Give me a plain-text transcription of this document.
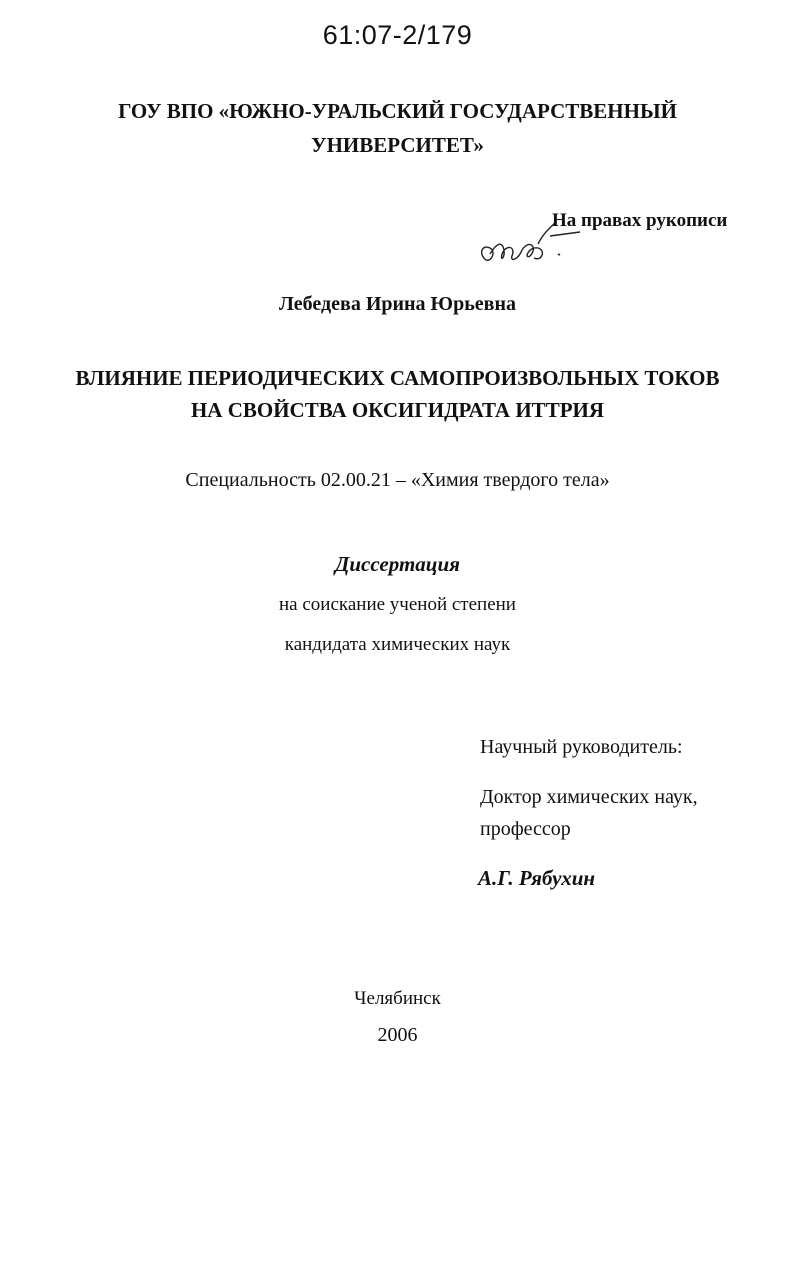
61:07-2/179

ГОУ ВПО «ЮЖНО-УРАЛЬСКИЙ ГОСУДАРСТВЕННЫЙ
УНИВЕРСИТЕТ»

На правах рукописи

Лебедева Ирина Юрьевна

ВЛИЯНИЕ ПЕРИОДИЧЕСКИХ САМОПРОИЗВОЛЬНЫХ ТОКОВ
НА СВОЙСТВА ОКСИГИДРАТА ИТТРИЯ

Специальность 02.00.21 – «Химия твердого тела»

Диссертация

на соискание ученой степени

кандидата химических наук

Научный руководитель:

Доктор химических наук,

профессор

А.Г. Рябухин

Челябинск

2006
